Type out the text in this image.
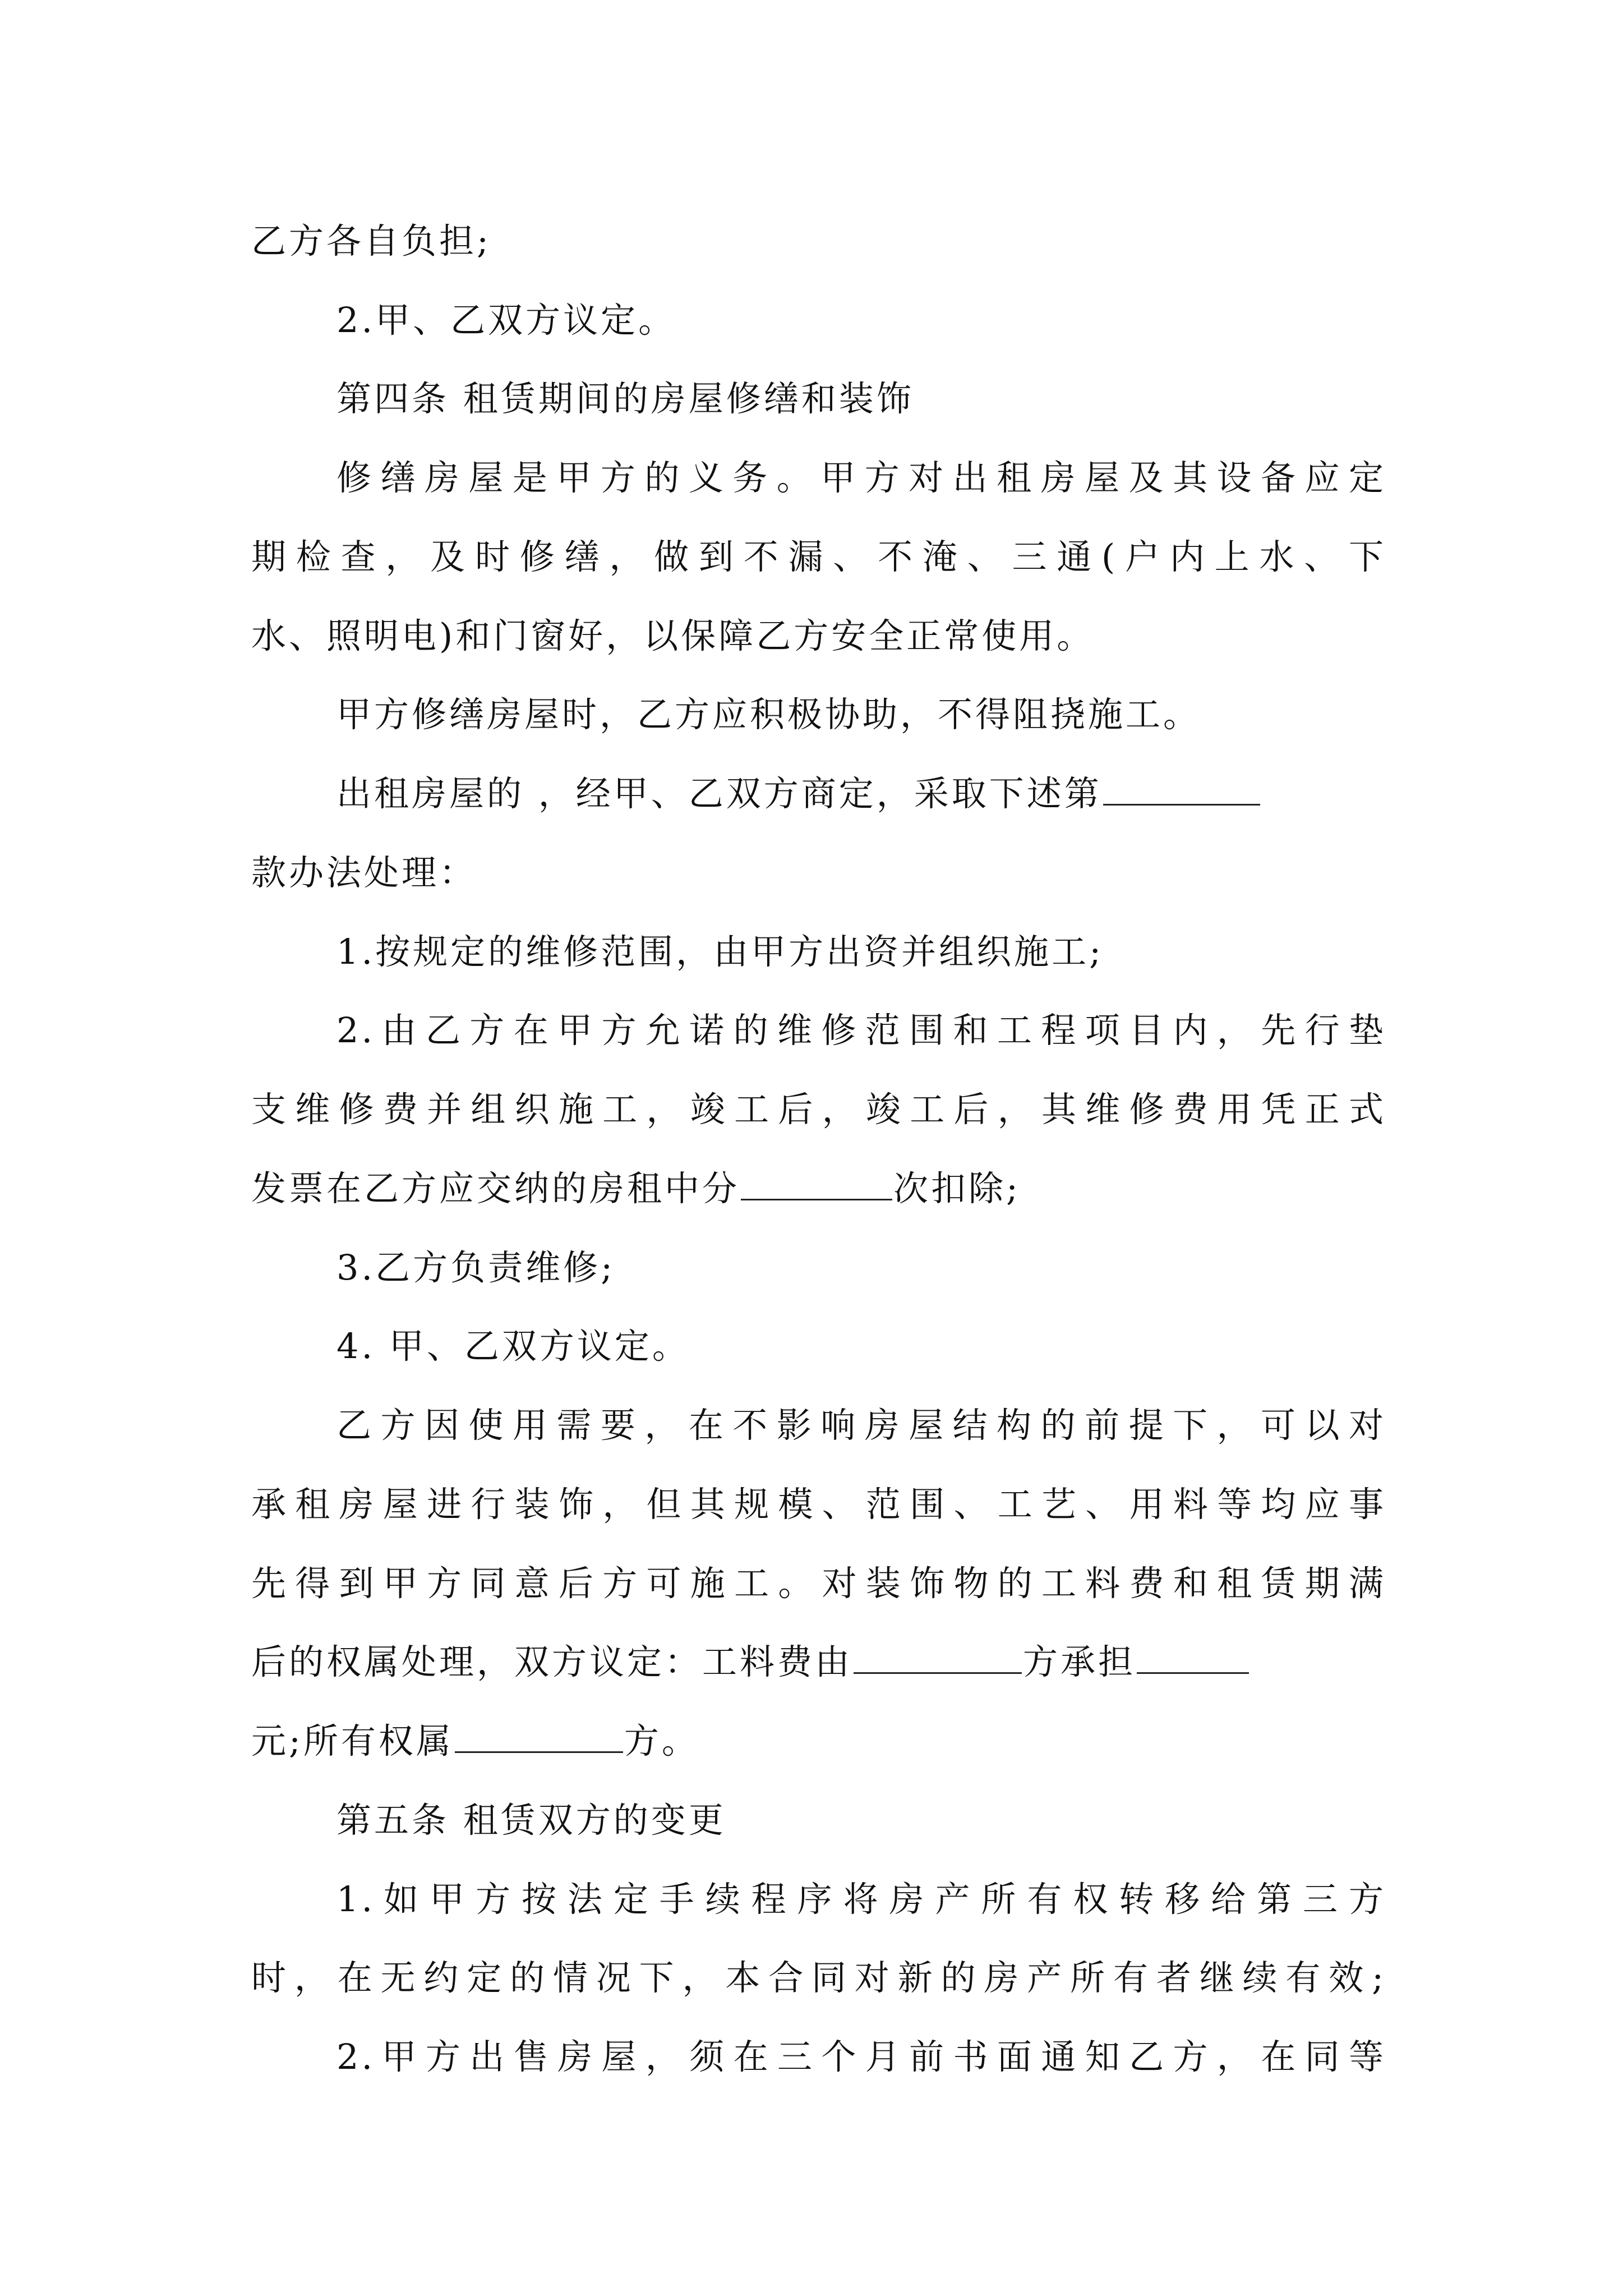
乙方各自负担;
2.甲、乙双方议定。
第四条 租赁期间的房屋修缮和装饰
修缮房屋是甲方的义务。甲方对出租房屋及其设备应定
期检查，及时修缮，做到不漏、不淹、三通(户内上水、下
水、照明电)和门窗好，以保障乙方安全正常使用。
甲方修缮房屋时，乙方应积极协助，不得阻挠施工。
出租房屋的 ，经甲、乙双方商定，采取下述第
款办法处理：
1.按规定的维修范围，由甲方出资并组织施工;
2.由乙方在甲方允诺的维修范围和工程项目内，先行垫
支维修费并组织施工，竣工后，竣工后，其维修费用凭正式
发票在乙方应交纳的房租中分	次扣除;
3.乙方负责维修;
4. 甲、乙双方议定。
乙方因使用需要，在不影响房屋结构的前提下，可以对
承租房屋进行装饰，但其规模、范围、工艺、用料等均应事
先得到甲方同意后方可施工。对装饰物的工料费和租赁期满
后的权属处理，双方议定：工料费由	方承担
元;所有权属	方。
第五条 租赁双方的变更
1.如甲方按法定手续程序将房产所有权转移给第三方
时，在无约定的情况下，本合同对新的房产所有者继续有效;
2.甲方出售房屋，须在三个月前书面通知乙方，在同等
